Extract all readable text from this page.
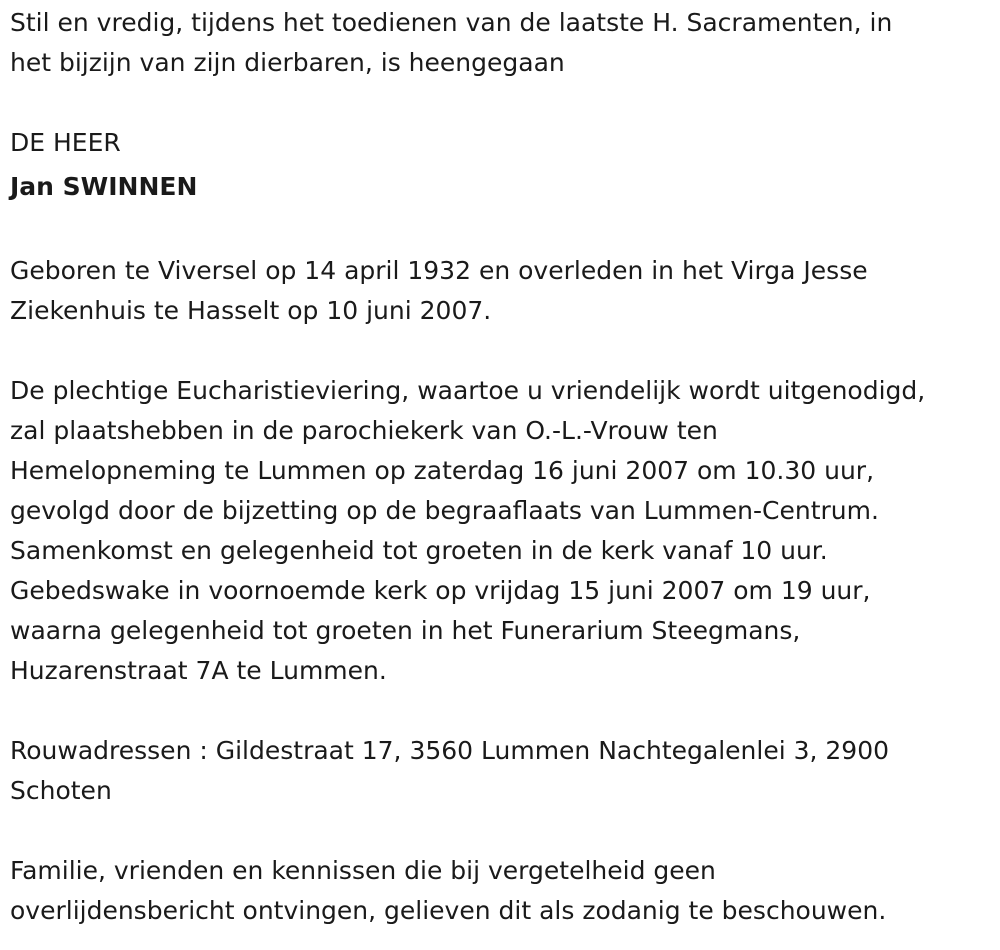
Stil en vredig, tijdens het toedienen van de laatste H. Sacramenten, in

het bijzijn van zijn dierbaren, is heengegaan

DE HEER

Jan SWINNEN

Geboren te Viversel op 14 april 1932 en overleden in het Virga Jesse

Ziekenhuis te Hasselt op 10 juni 2007.

De plechtige Eucharistieviering, waartoe u vriendelijk wordt uitgenodigd,

zal plaatshebben in de parochiekerk van O.-L.-Vrouw ten

Hemelopneming te Lummen op zaterdag 16 juni 2007 om 10.30 uur,

gevolgd door de bijzetting op de begraaflaats van Lummen-Centrum.

Samenkomst en gelegenheid tot groeten in de kerk vanaf 10 uur.

Gebedswake in voornoemde kerk op vrijdag 15 juni 2007 om 19 uur,

waarna gelegenheid tot groeten in het Funerarium Steegmans,

Huzarenstraat 7A te Lummen.

Rouwadressen : Gildestraat 17, 3560 Lummen Nachtegalenlei 3, 2900

Schoten

Familie, vrienden en kennissen die bij vergetelheid geen

overlijdensbericht ontvingen, gelieven dit als zodanig te beschouwen.
